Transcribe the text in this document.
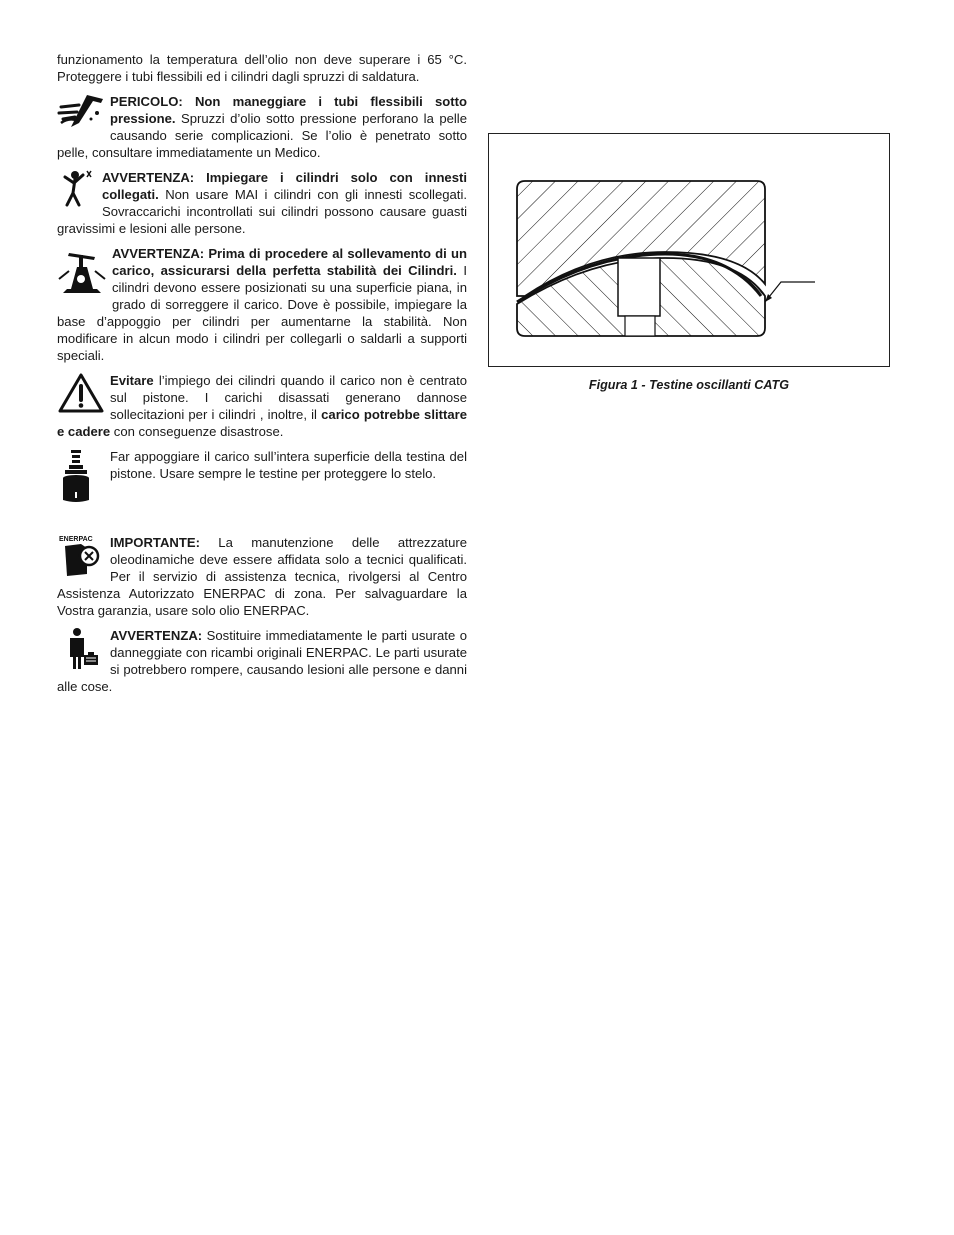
funzionamento la temperatura dell’olio non deve superare i 65 °C. Proteggere i tubi flessibili ed i cilindri dagli spruzzi di saldatura.

PERICOLO: Non maneggiare i tubi flessibili sotto pressione. Spruzzi d’olio sotto pressione perforano la pelle causando serie complicazioni. Se l’olio è penetrato sotto pelle, consultare immediatamente un Medico.

AVVERTENZA: Impiegare i cilindri solo con innesti collegati. Non usare MAI i cilindri con gli innesti scollegati. Sovraccarichi incontrollati sui cilindri possono causare guasti gravissimi e lesioni alle persone.

AVVERTENZA: Prima di procedere al sollevamento di un carico, assicurarsi della perfetta stabilità dei Cilindri. I cilindri devono essere posizionati su una superficie piana, in grado di sorreggere il carico. Dove è possibile, impiegare la base d’appoggio per cilindri per aumentarne la stabilità. Non modificare in alcun modo i cilindri per collegarli o saldarli a supporti speciali.

Evitare l’impiego dei cilindri quando il carico non è centrato sul pistone. I carichi disassati generano dannose sollecitazioni per i cilindri , inoltre, il carico potrebbe slittare e cadere con conseguenze disastrose.

Far appoggiare il carico sull’intera superficie della testina del pistone. Usare sempre le testine per proteggere lo stelo.

ENERPAC	IMPORTANTE: La manutenzione delle attrezzature oleodinamiche deve essere affidata solo a tecnici qualificati. Per il servizio di assistenza tecnica, rivolgersi al Centro Assistenza Autorizzato ENERPAC di zona. Per salvaguardare la Vostra garanzia, usare solo olio ENERPAC.

AVVERTENZA: Sostituire immediatamente le parti usurate o danneggiate con ricambi originali ENERPAC. Le parti usurate si potrebbero rompere, causando lesioni alle persone e danni alle cose.

Figura 1 - Testine oscillanti CATG
